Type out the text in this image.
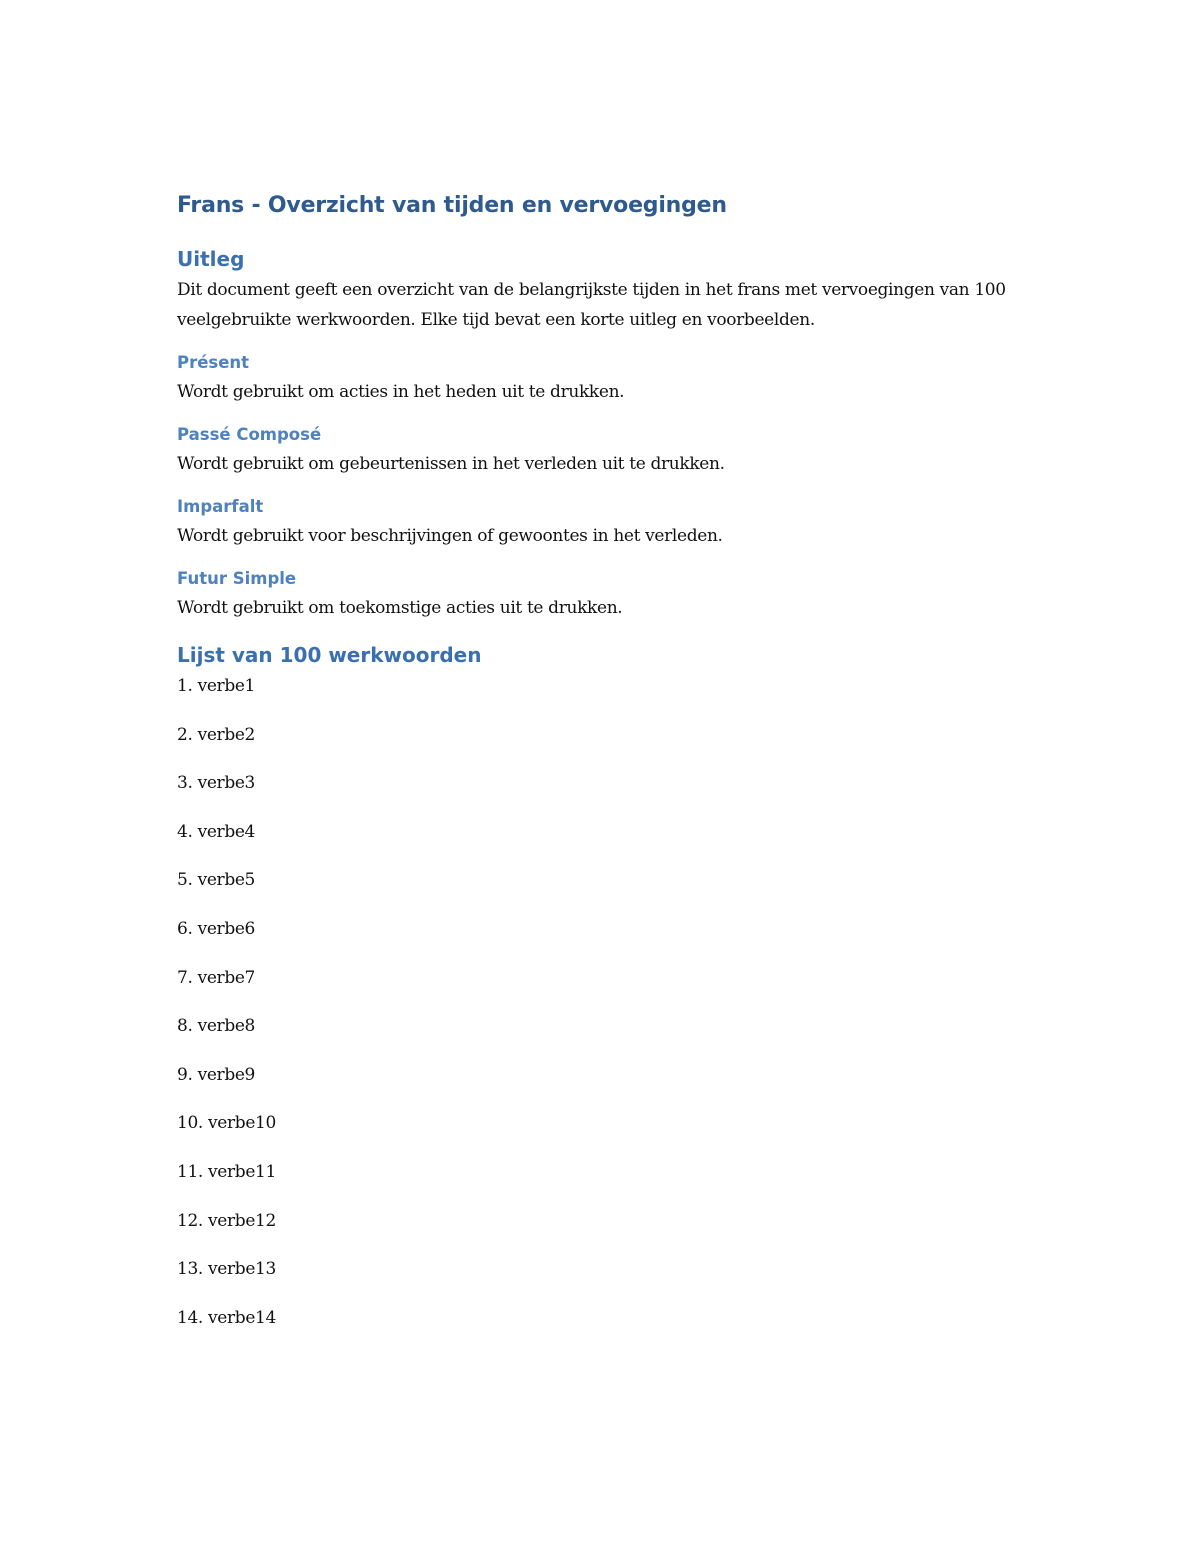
Frans - Overzicht van tijden en vervoegingen
Uitleg

Dit document geeft een overzicht van de belangrijkste tijden in het frans met vervoegingen van 100 veelgebruikte werkwoorden. Elke tijd bevat een korte uitleg en voorbeelden.

Présent

Wordt gebruikt om acties in het heden uit te drukken.

Passé Composé

Wordt gebruikt om gebeurtenissen in het verleden uit te drukken.

Imparfalt

Wordt gebruikt voor beschrijvingen of gewoontes in het verleden.

Futur Simple

Wordt gebruikt om toekomstige acties uit te drukken.

Lijst van 100 werkwoorden
1. verbe1
2. verbe2
3. verbe3
4. verbe4
5. verbe5
6. verbe6
7. verbe7
8. verbe8
9. verbe9
10. verbe10
11. verbe11
12. verbe12
13. verbe13
14. verbe14
